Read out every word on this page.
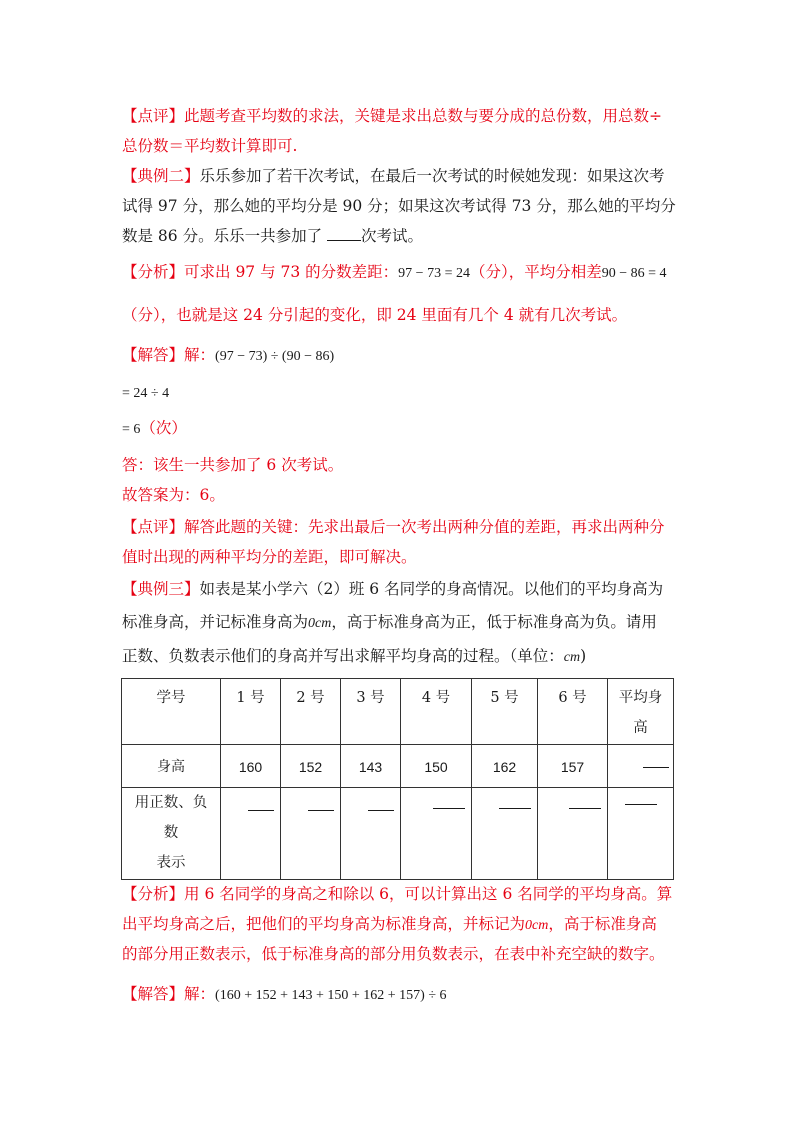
【点评】此题考查平均数的求法，关键是求出总数与要分成的总份数，用总数÷

总份数＝平均数计算即可.

【典例二】乐乐参加了若干次考试，在最后一次考试的时候她发现：如果这次考

试得 97 分，那么她的平均分是 90 分；如果这次考试得 73 分，那么她的平均分

数是 86 分。乐乐一共参加了	次考试。

【分析】可求出 97 与 73 的分数差距：97 − 73 = 24（分），平均分相差90 − 86 = 4

（分），也就是这 24 分引起的变化，即 24 里面有几个 4 就有几次考试。

【解答】解：(97 − 73) ÷ (90 − 86)

= 24 ÷ 4

= 6（次）

答：该生一共参加了 6 次考试。

故答案为：6。

【点评】解答此题的关键：先求出最后一次考出两种分值的差距，再求出两种分

值时出现的两种平均分的差距，即可解决。

【典例三】如表是某小学六（2）班 6 名同学的身高情况。以他们的平均身高为

标准身高，并记标准身高为0cm，高于标准身高为正，低于标准身高为负。请用

正数、负数表示他们的身高并写出求解平均身高的过程。（单位：cm)

学号	1 号	2 号	3 号	4 号	5 号	6 号	平均身
高

身高	160	152	143	150	162	157	

用正数、负
数
表示							

【分析】用 6 名同学的身高之和除以 6，可以计算出这 6 名同学的平均身高。算

出平均身高之后，把他们的平均身高为标准身高，并标记为0cm，高于标准身高

的部分用正数表示，低于标准身高的部分用负数表示，在表中补充空缺的数字。

【解答】解：(160 + 152 + 143 + 150 + 162 + 157) ÷ 6
